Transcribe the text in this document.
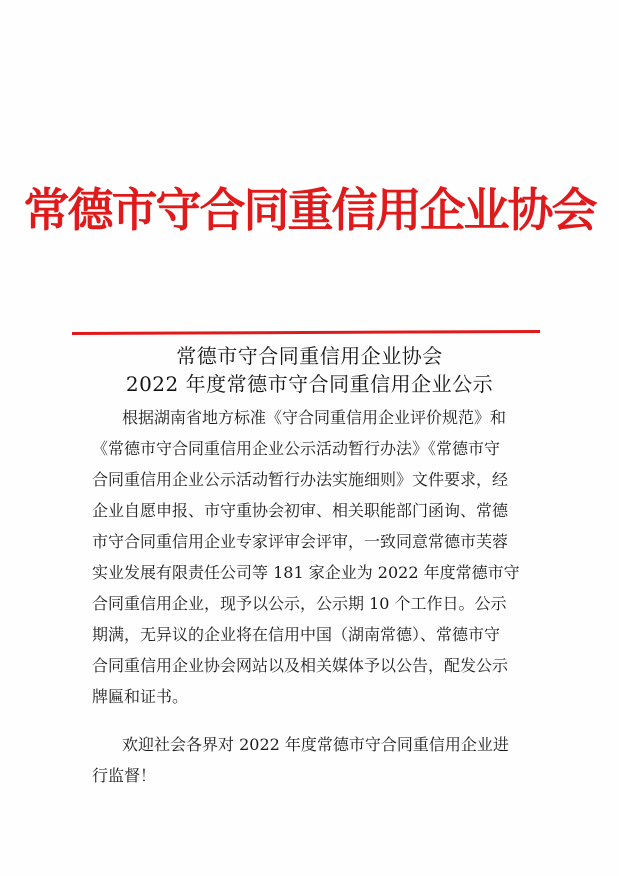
常德市守合同重信用企业协会
常德市守合同重信用企业协会
2022 年度常德市守合同重信用企业公示
根据湖南省地方标准《守合同重信用企业评价规范》和
《常德市守合同重信用企业公示活动暂行办法》《常德市守
合同重信用企业公示活动暂行办法实施细则》文件要求，经
企业自愿申报、市守重协会初审、相关职能部门函询、常德
市守合同重信用企业专家评审会评审，一致同意常德市芙蓉
实业发展有限责任公司等 181 家企业为 2022 年度常德市守
合同重信用企业，现予以公示，公示期 10 个工作日。公示
期满，无异议的企业将在信用中国（湖南常德）、常德市守
合同重信用企业协会网站以及相关媒体予以公告，配发公示
牌匾和证书。
欢迎社会各界对 2022 年度常德市守合同重信用企业进
行监督！
